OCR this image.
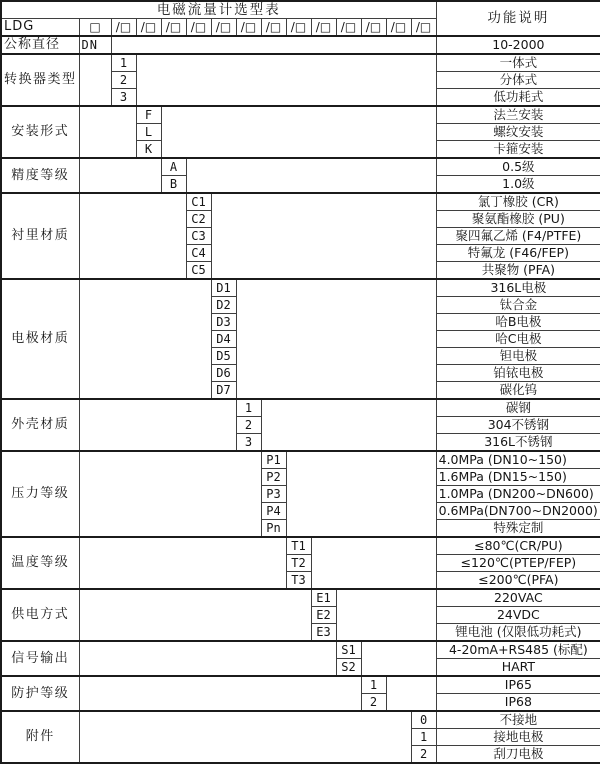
电磁流量计选型表															功能说明
LDG	□	/□	/□	/□	/□	/□	/□	/□	/□	/□	/□	/□	/□	/□	
公称直径	DN														10-2000
转换器类型		1													一体式
		2													分体式
		3													低功耗式
安装形式			F												法兰安装
			L												螺纹安装
			K												卡箍安装
精度等级				A											0.5级
				B											1.0级
衬里材质					C1										氯丁橡胶 (CR)
					C2										聚氨酯橡胶 (PU)
					C3										聚四氟乙烯 (F4/PTFE)
					C4										特氟龙 (F46/FEP)
					C5										共聚物 (PFA)
电极材质						D1									316L电极
						D2									钛合金
						D3									哈B电极
						D4									哈C电极
						D5									钽电极
						D6									铂铱电极
						D7									碳化钨
外壳材质							1								碳钢
							2								304不锈钢
							3								316L不锈钢
压力等级								P1							4.0MPa (DN10~150)
								P2							1.6MPa (DN15~150)
								P3							1.0MPa (DN200~DN600)
								P4							0.6MPa(DN700~DN2000)
								Pn							特殊定制
温度等级									T1						≤80℃(CR/PU)
									T2						≤120℃(PTEP/FEP)
									T3						≤200℃(PFA)
供电方式										E1					220VAC
										E2					24VDC
										E3					锂电池 (仅限低功耗式)
信号输出											S1				4-20mA+RS485 (标配)
											S2				HART
防护等级												1			IP65
												2			IP68
附件														0	不接地
														1	接地电极
														2	刮刀电极
